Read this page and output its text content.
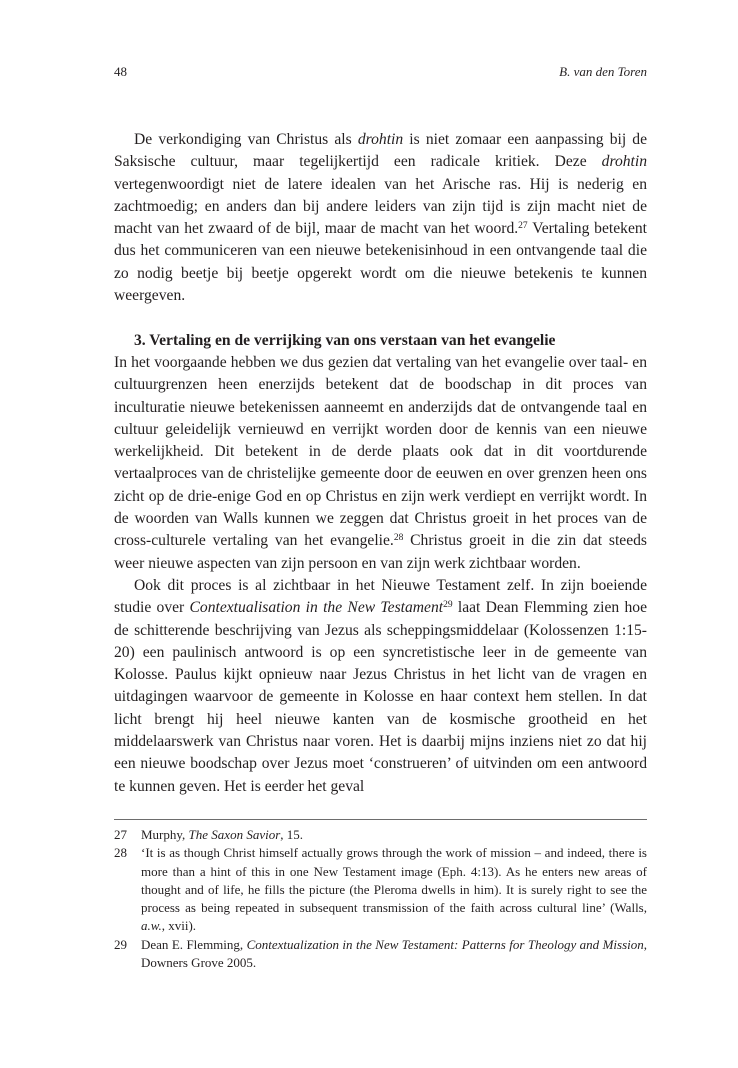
48	B. van den Toren

De verkondiging van Christus als drohtin is niet zomaar een aanpassing bij de Saksische cultuur, maar tegelijkertijd een radicale kritiek. Deze drohtin vertegenwoordigt niet de latere idealen van het Arische ras. Hij is nederig en zachtmoedig; en anders dan bij andere leiders van zijn tijd is zijn macht niet de macht van het zwaard of de bijl, maar de macht van het woord.$^{27}$ Vertaling betekent dus het communiceren van een nieuwe betekenisinhoud in een ontvangende taal die zo nodig beetje bij beetje opgerekt wordt om die nieuwe betekenis te kunnen weergeven.

3. Vertaling en de verrijking van ons verstaan van het evangelie

In het voorgaande hebben we dus gezien dat vertaling van het evangelie over taal- en cultuurgrenzen heen enerzijds betekent dat de boodschap in dit proces van inculturatie nieuwe betekenissen aanneemt en anderzijds dat de ontvangende taal en cultuur geleidelijk vernieuwd en verrijkt worden door de kennis van een nieuwe werkelijkheid. Dit betekent in de derde plaats ook dat in dit voortdurende vertaalproces van de christelijke gemeente door de eeuwen en over grenzen heen ons zicht op de drie-enige God en op Christus en zijn werk verdiept en verrijkt wordt. In de woorden van Walls kunnen we zeggen dat Christus groeit in het proces van de cross-culturele vertaling van het evangelie.$^{28}$ Christus groeit in die zin dat steeds weer nieuwe aspecten van zijn persoon en van zijn werk zichtbaar worden.

Ook dit proces is al zichtbaar in het Nieuwe Testament zelf. In zijn boeiende studie over Contextualisation in the New Testament$^{29}$ laat Dean Flemming zien hoe de schitterende beschrijving van Jezus als scheppingsmiddelaar (Kolossenzen 1:15-20) een paulinisch antwoord is op een syncretistische leer in de gemeente van Kolosse. Paulus kijkt opnieuw naar Jezus Christus in het licht van de vragen en uitdagingen waarvoor de gemeente in Kolosse en haar context hem stellen. In dat licht brengt hij heel nieuwe kanten van de kosmische grootheid en het middelaarswerk van Christus naar voren. Het is daarbij mijns inziens niet zo dat hij een nieuwe boodschap over Jezus moet ‘construeren’ of uitvinden om een antwoord te kunnen geven. Het is eerder het geval

27 Murphy, The Saxon Savior, 15.

28 ‘It is as though Christ himself actually grows through the work of mission – and indeed, there is more than a hint of this in one New Testament image (Eph. 4:13). As he enters new areas of thought and of life, he fills the picture (the Pleroma dwells in him). It is surely right to see the process as being repeated in subsequent transmission of the faith across cultural line’ (Walls, a.w., xvii).

29 Dean E. Flemming, Contextualization in the New Testament: Patterns for Theology and Mission, Downers Grove 2005.
